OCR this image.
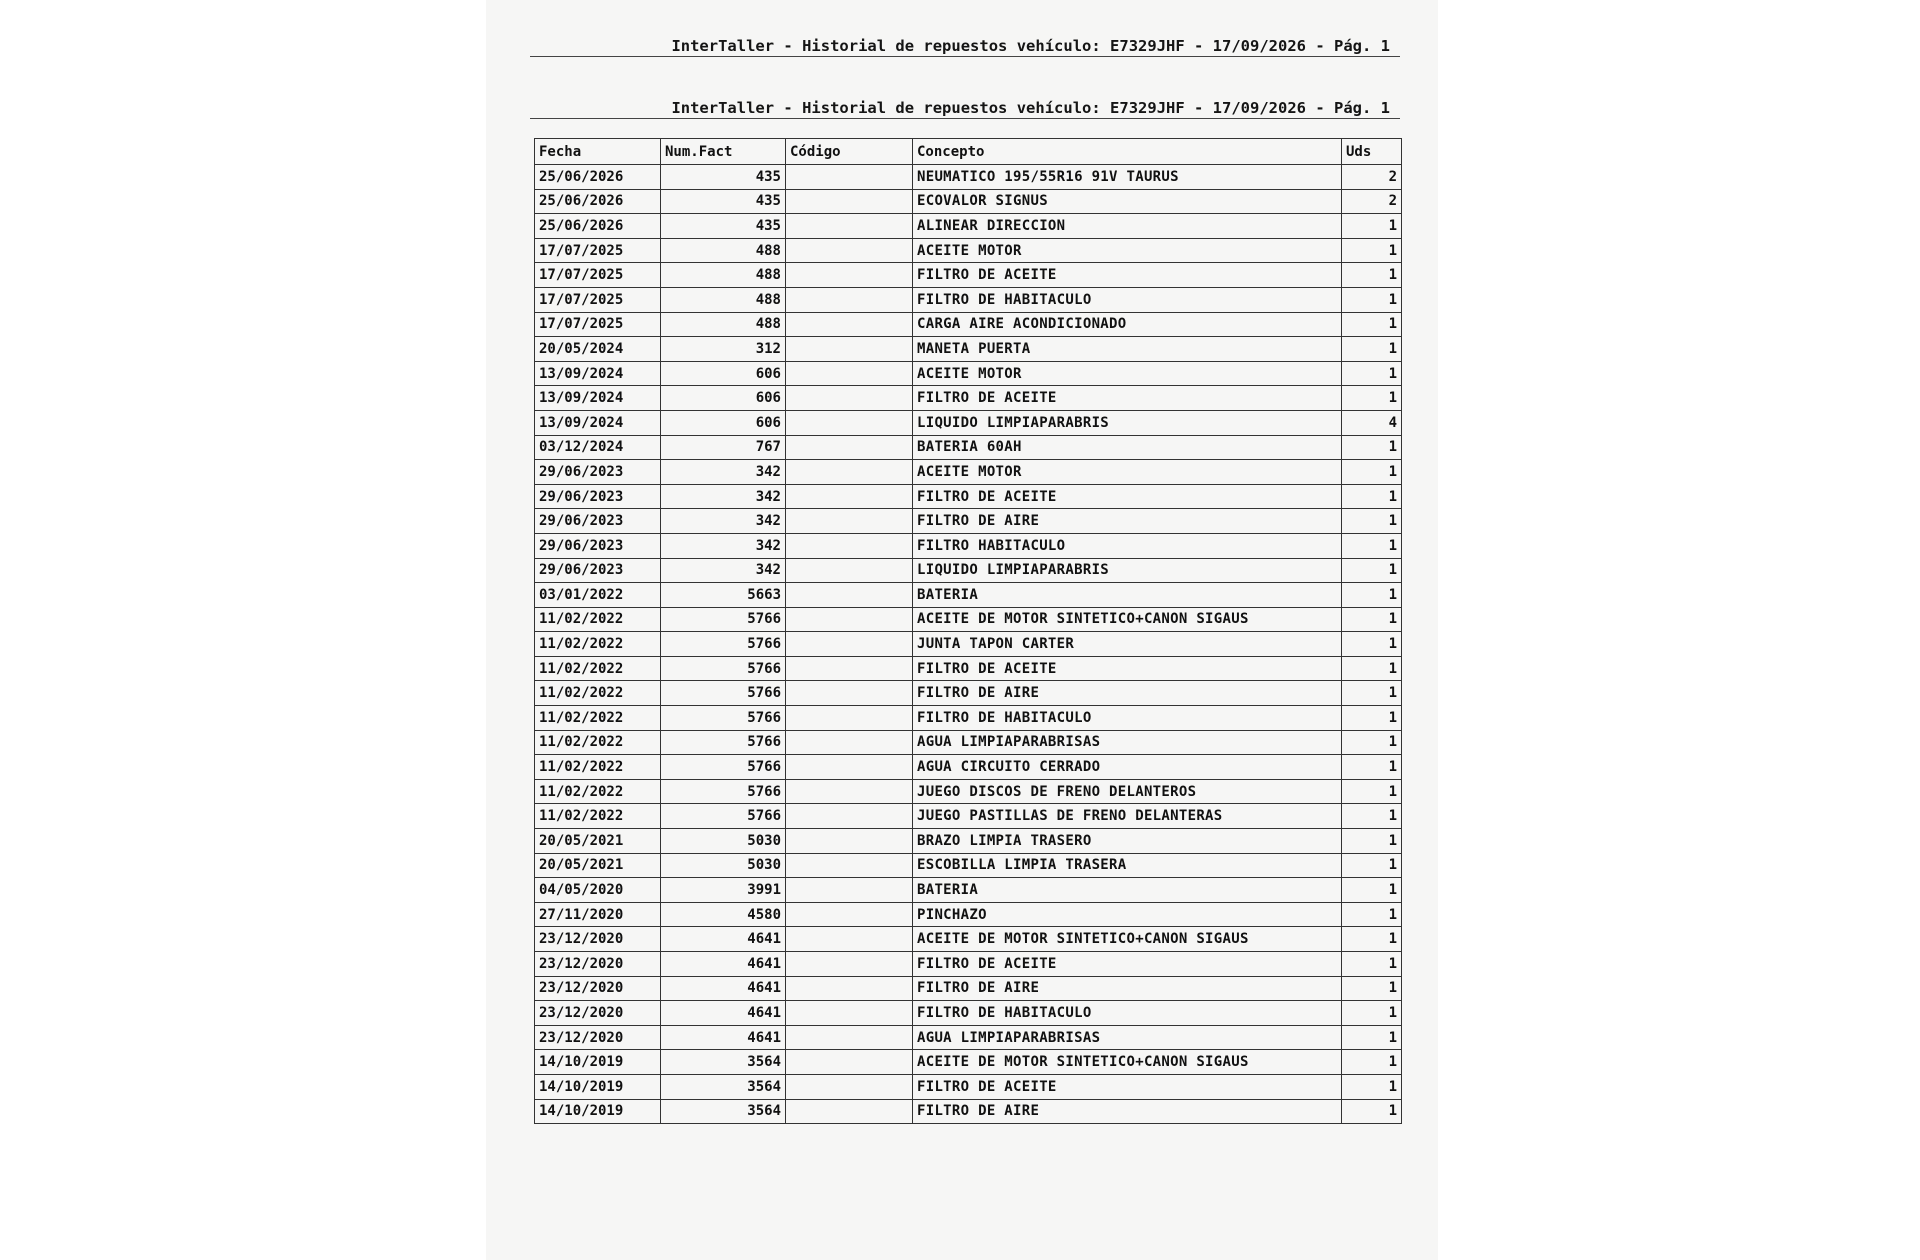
InterTaller - Historial de repuestos vehículo: E7329JHF - 17/09/2026 - Pág. 1
InterTaller - Historial de repuestos vehículo: E7329JHF - 17/09/2026 - Pág. 1
Fecha	Num.Fact	Código	Concepto	Uds
25/06/2026	435		NEUMATICO 195/55R16 91V TAURUS	2
25/06/2026	435		ECOVALOR SIGNUS	2
25/06/2026	435		ALINEAR DIRECCION	1
17/07/2025	488		ACEITE MOTOR	1
17/07/2025	488		FILTRO DE ACEITE	1
17/07/2025	488		FILTRO DE HABITACULO	1
17/07/2025	488		CARGA AIRE ACONDICIONADO	1
20/05/2024	312		MANETA PUERTA	1
13/09/2024	606		ACEITE MOTOR	1
13/09/2024	606		FILTRO DE ACEITE	1
13/09/2024	606		LIQUIDO LIMPIAPARABRIS	4
03/12/2024	767		BATERIA 60AH	1
29/06/2023	342		ACEITE MOTOR	1
29/06/2023	342		FILTRO DE ACEITE	1
29/06/2023	342		FILTRO DE AIRE	1
29/06/2023	342		FILTRO HABITACULO	1
29/06/2023	342		LIQUIDO LIMPIAPARABRIS	1
03/01/2022	5663		BATERIA	1
11/02/2022	5766		ACEITE DE MOTOR SINTETICO+CANON SIGAUS	1
11/02/2022	5766		JUNTA TAPON CARTER	1
11/02/2022	5766		FILTRO DE ACEITE	1
11/02/2022	5766		FILTRO DE AIRE	1
11/02/2022	5766		FILTRO DE HABITACULO	1
11/02/2022	5766		AGUA LIMPIAPARABRISAS	1
11/02/2022	5766		AGUA CIRCUITO CERRADO	1
11/02/2022	5766		JUEGO DISCOS DE FRENO DELANTEROS	1
11/02/2022	5766		JUEGO PASTILLAS DE FRENO DELANTERAS	1
20/05/2021	5030		BRAZO LIMPIA TRASERO	1
20/05/2021	5030		ESCOBILLA LIMPIA TRASERA	1
04/05/2020	3991		BATERIA	1
27/11/2020	4580		PINCHAZO	1
23/12/2020	4641		ACEITE DE MOTOR SINTETICO+CANON SIGAUS	1
23/12/2020	4641		FILTRO DE ACEITE	1
23/12/2020	4641		FILTRO DE AIRE	1
23/12/2020	4641		FILTRO DE HABITACULO	1
23/12/2020	4641		AGUA LIMPIAPARABRISAS	1
14/10/2019	3564		ACEITE DE MOTOR SINTETICO+CANON SIGAUS	1
14/10/2019	3564		FILTRO DE ACEITE	1
14/10/2019	3564		FILTRO DE AIRE	1
